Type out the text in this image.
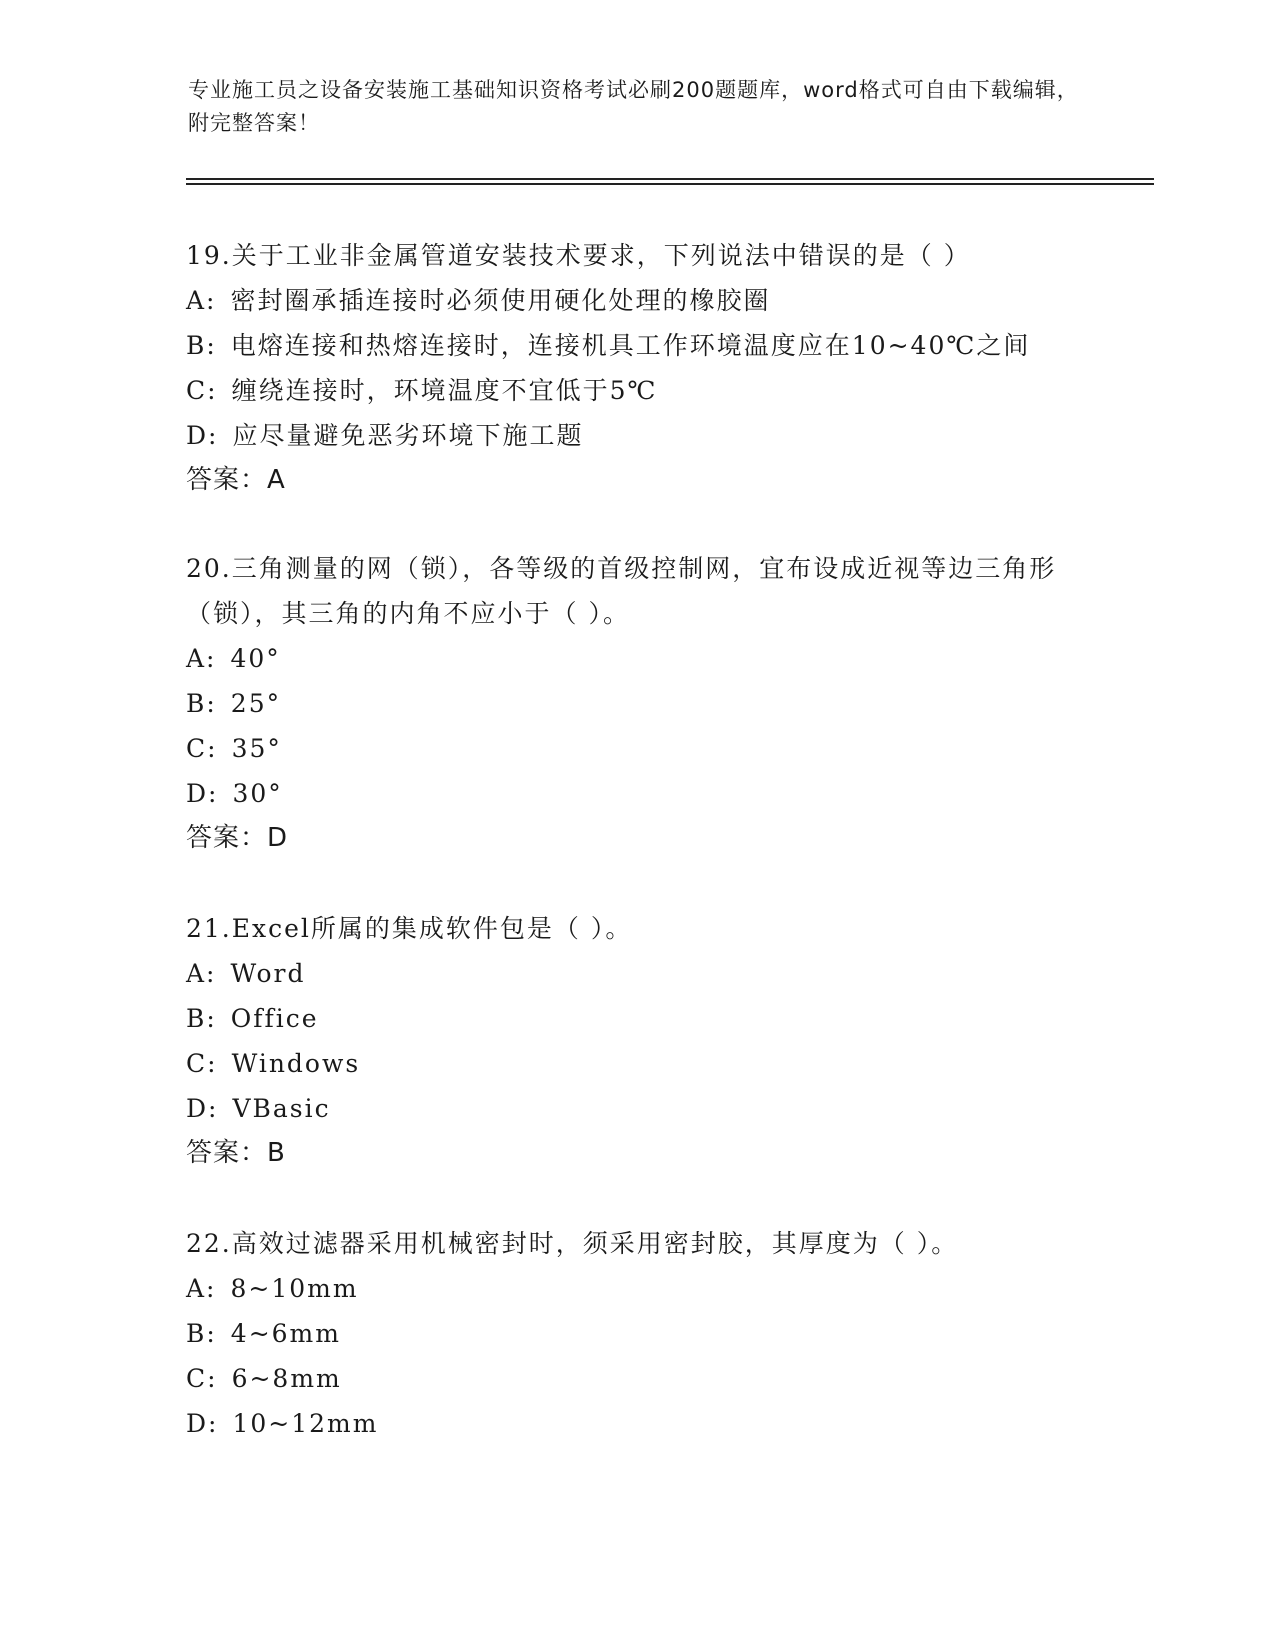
专业施工员之设备安装施工基础知识资格考试必刷200题题库，word格式可自由下载编辑，附完整答案！
19.关于工业非金属管道安装技术要求，下列说法中错误的是（ ）
A: 密封圈承插连接时必须使用硬化处理的橡胶圈
B: 电熔连接和热熔连接时，连接机具工作环境温度应在10~40℃之间
C: 缠绕连接时，环境温度不宜低于5℃
D: 应尽量避免恶劣环境下施工题
答案：A
20.三角测量的网（锁），各等级的首级控制网，宜布设成近视等边三角形（锁），其三角的内角不应小于（ ）。
A: 40°
B: 25°
C: 35°
D: 30°
答案：D
21.Excel所属的集成软件包是（ ）。
A: Word
B: Office
C: Windows
D: VBasic
答案：B
22.高效过滤器采用机械密封时，须采用密封胶，其厚度为（ ）。
A: 8~10mm
B: 4~6mm
C: 6~8mm
D: 10~12mm
